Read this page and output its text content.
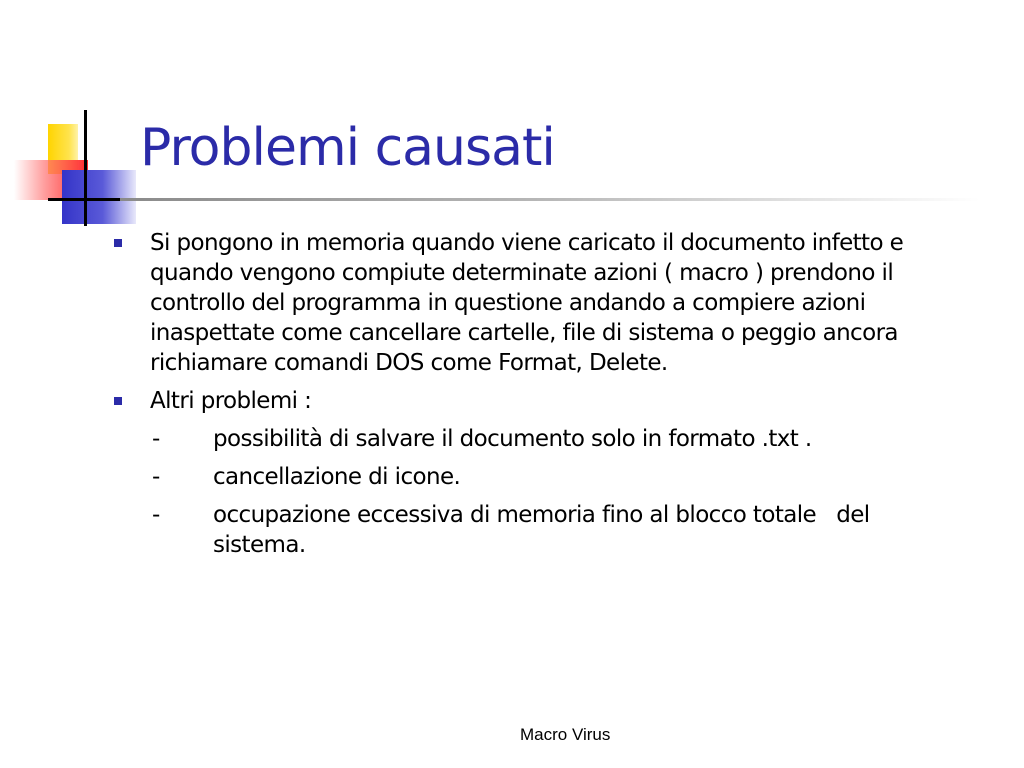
Problemi causati
Si pongono in memoria quando viene caricato il documento infetto e quando vengono compiute determinate azioni ( macro ) prendono il controllo del programma in questione andando a compiere azioni inaspettate come cancellare cartelle, file di sistema o peggio ancora richiamare comandi DOS come Format, Delete.
Altri problemi :
- possibilità di salvare il documento solo in formato .txt .
- cancellazione di icone.
- occupazione eccessiva di memoria fino al blocco totale   del sistema.
Macro Virus
